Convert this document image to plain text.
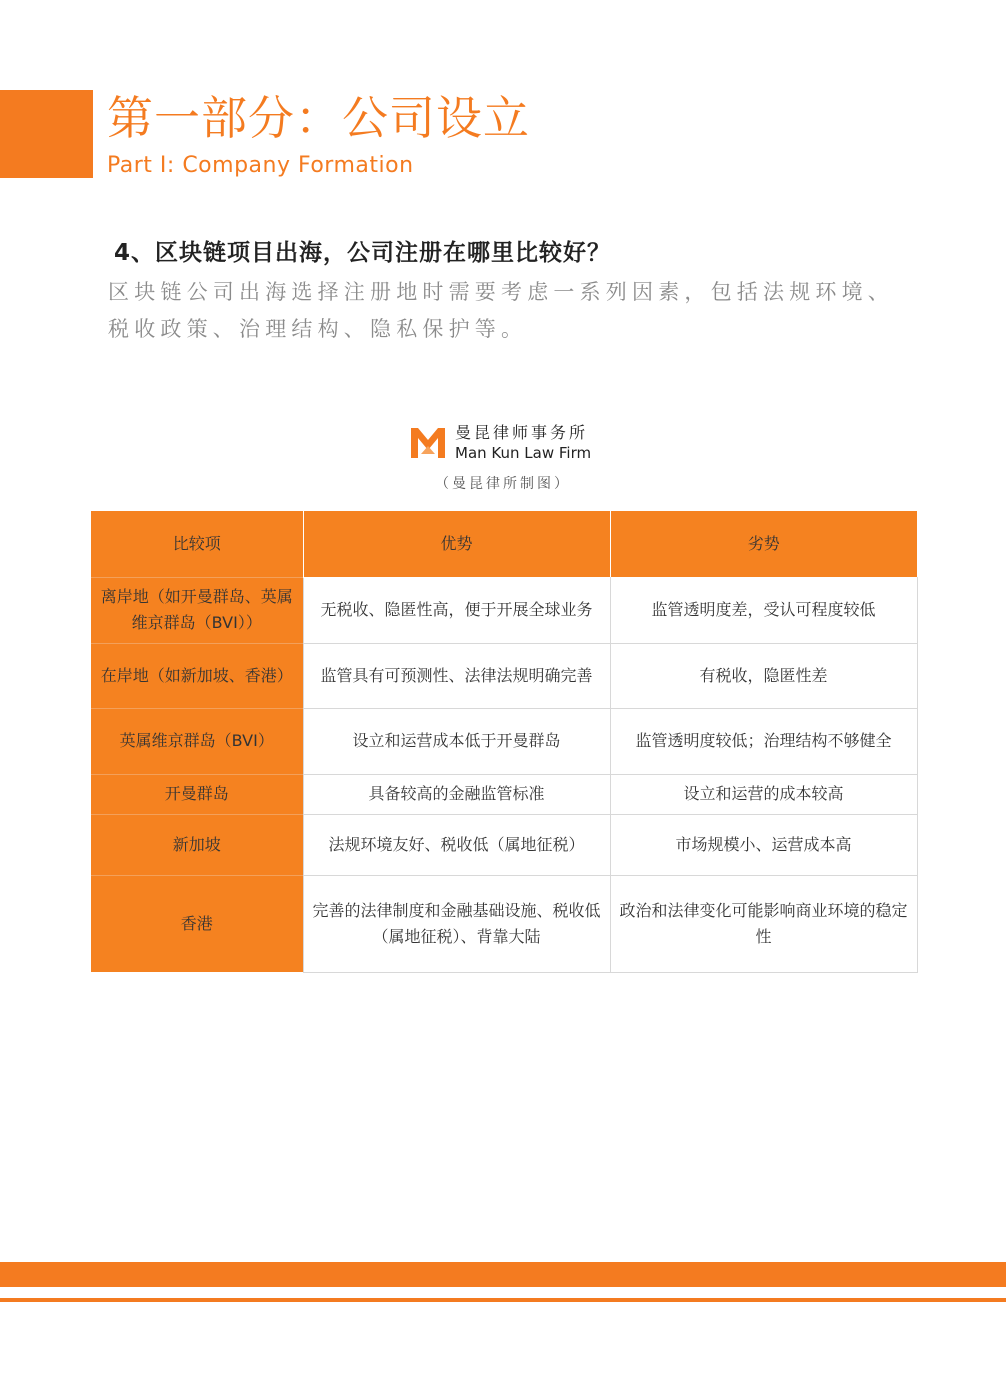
第一部分：公司设立
Part Ⅰ: Company Formation
4、区块链项目出海，公司注册在哪里比较好？
区块链公司出海选择注册地时需要考虑一系列因素，包括法规环境、税收政策、治理结构、隐私保护等。
曼昆律师事务所
Man Kun Law Firm
（曼昆律所制图）
比较项	优势	劣势
离岸地（如开曼群岛、英属维京群岛（BVI））	无税收、隐匿性高，便于开展全球业务	监管透明度差，受认可程度较低
在岸地（如新加坡、香港）	监管具有可预测性、法律法规明确完善	有税收，隐匿性差
英属维京群岛（BVI）	设立和运营成本低于开曼群岛	监管透明度较低；治理结构不够健全
开曼群岛	具备较高的金融监管标准	设立和运营的成本较高
新加坡	法规环境友好、税收低（属地征税）	市场规模小、运营成本高
香港	完善的法律制度和金融基础设施、税收低（属地征税）、背靠大陆	政治和法律变化可能影响商业环境的稳定性
